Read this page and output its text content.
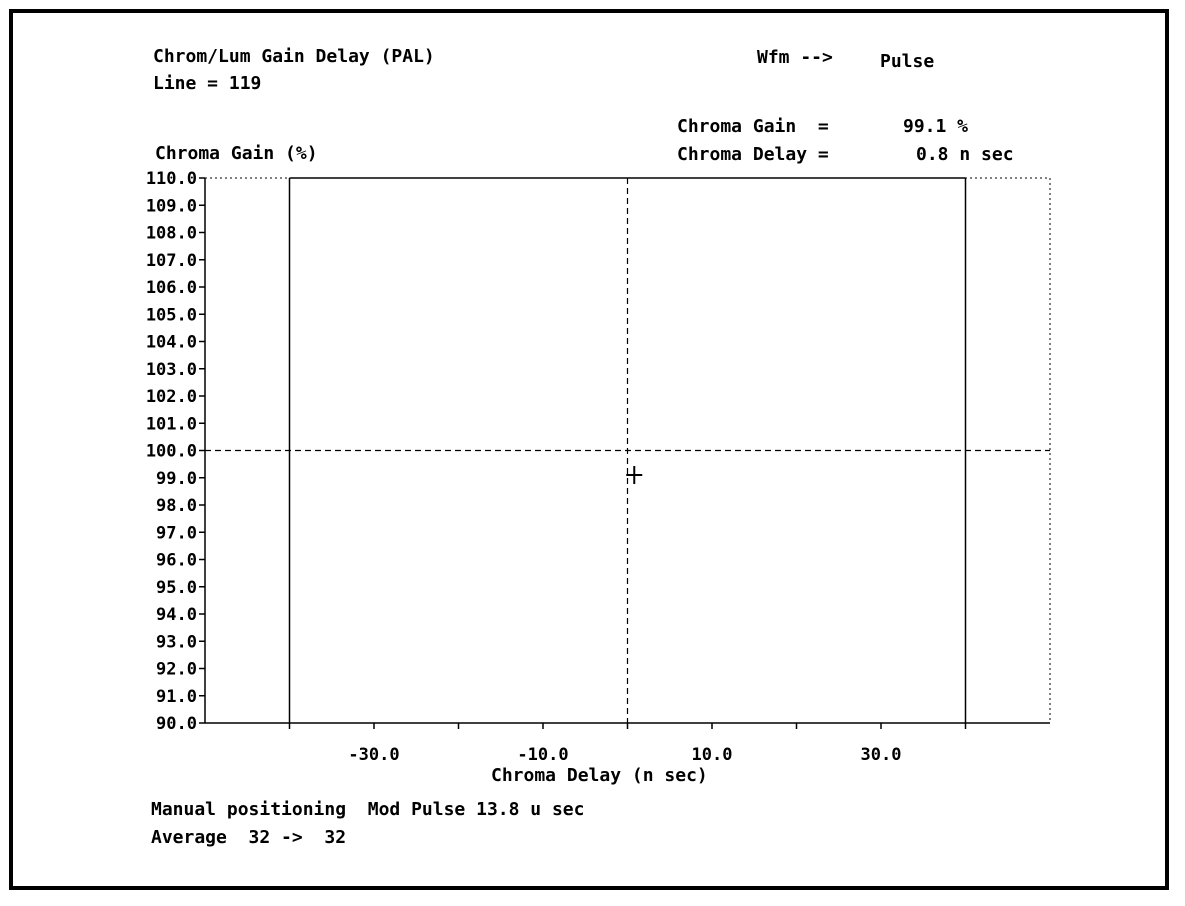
Chrom/Lum Gain Delay (PAL)
Line = 119
Wfm -->	Pulse
Chroma Gain  =	99.1 %
Chroma Delay =	0.8 n sec
Chroma Gain (%)
Chroma Delay (n sec)
Manual positioning  Mod Pulse 13.8 u sec
Average  32 ->  32
90.0
91.0
92.0
93.0
94.0
95.0
96.0
97.0
98.0
99.0
100.0
101.0
102.0
103.0
104.0
105.0
106.0
107.0
108.0
109.0
110.0
-30.0	-10.0	10.0	30.0
